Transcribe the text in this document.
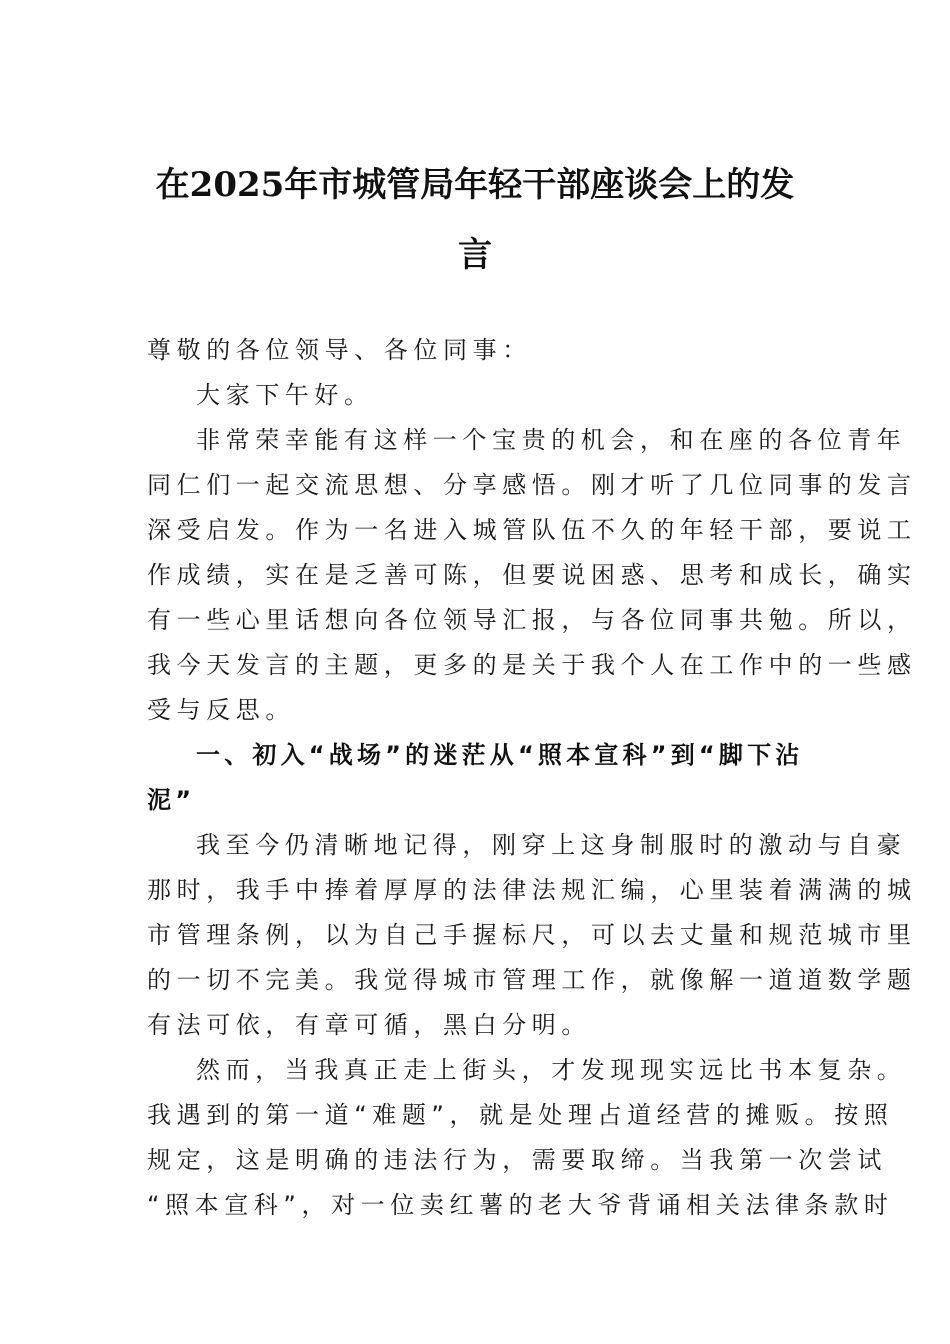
在2025年市城管局年轻干部座谈会上的发
言
尊敬的各位领导、各位同事：
大家下午好。
非常荣幸能有这样一个宝贵的机会，和在座的各位青年
同仁们一起交流思想、分享感悟。刚才听了几位同事的发言
深受启发。作为一名进入城管队伍不久的年轻干部，要说工
作成绩，实在是乏善可陈，但要说困惑、思考和成长，确实
有一些心里话想向各位领导汇报，与各位同事共勉。所以，
我今天发言的主题，更多的是关于我个人在工作中的一些感
受与反思。
一、初入“战场”的迷茫从“照本宣科”到“脚下沾
泥”
我至今仍清晰地记得，刚穿上这身制服时的激动与自豪
那时，我手中捧着厚厚的法律法规汇编，心里装着满满的城
市管理条例，以为自己手握标尺，可以去丈量和规范城市里
的一切不完美。我觉得城市管理工作，就像解一道道数学题
有法可依，有章可循，黑白分明。
然而，当我真正走上街头，才发现现实远比书本复杂。
我遇到的第一道“难题”，就是处理占道经营的摊贩。按照
规定，这是明确的违法行为，需要取缔。当我第一次尝试
“照本宣科”，对一位卖红薯的老大爷背诵相关法律条款时
